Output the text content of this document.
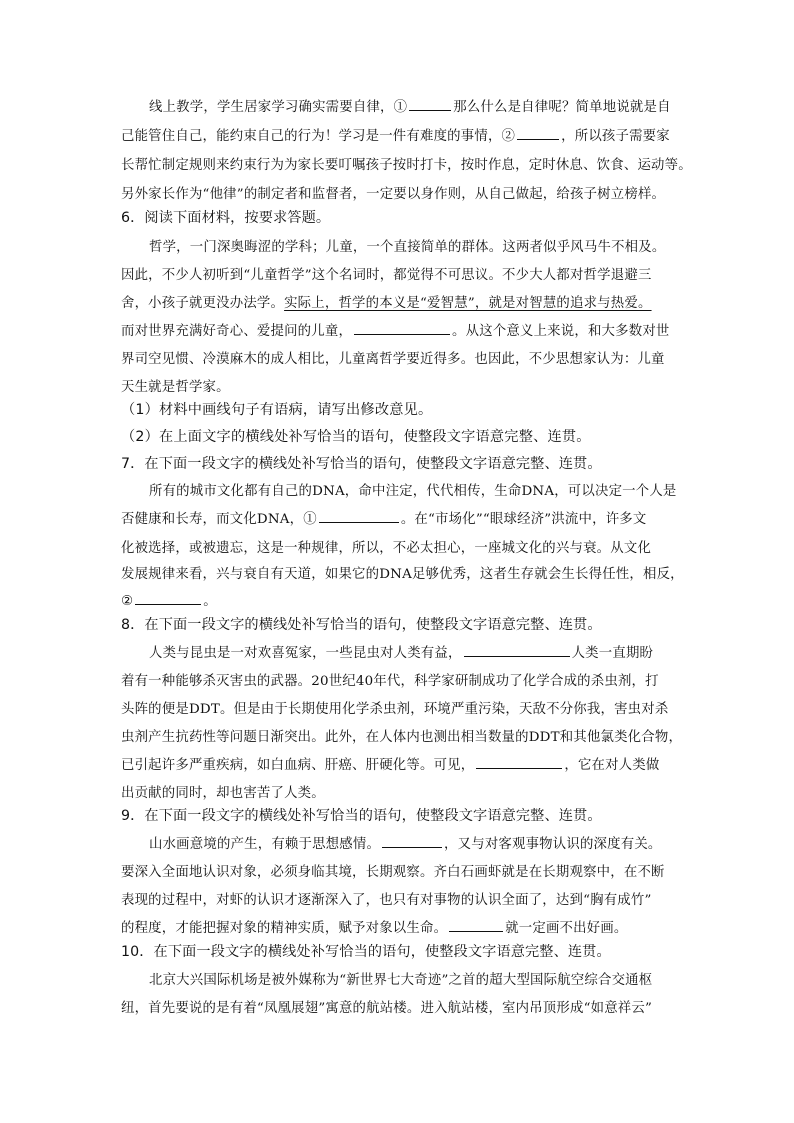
线上教学，学生居家学习确实需要自律，①	那么什么是自律呢？简单地说就是自
己能管住自己，能约束自己的行为！学习是一件有难度的事情，②	，所以孩子需要家
长帮忙制定规则来约束行为为家长要叮嘱孩子按时打卡，按时作息，定时休息、饮食、运动等。
另外家长作为“他律”的制定者和监督者，一定要以身作则，从自己做起，给孩子树立榜样。
6．阅读下面材料，按要求答题。
哲学，一门深奥晦涩的学科；儿童，一个直接简单的群体。这两者似乎风马牛不相及。
因此，不少人初听到“儿童哲学”这个名词时，都觉得不可思议。不少大人都对哲学退避三
舍，小孩子就更没办法学。实际上，哲学的本义是“爱智慧”，就是对智慧的追求与热爱。
而对世界充满好奇心、爱提问的儿童，	。从这个意义上来说，和大多数对世
界司空见惯、冷漠麻木的成人相比，儿童离哲学要近得多。也因此，不少思想家认为：儿童
天生就是哲学家。
（1）材料中画线句子有语病，请写出修改意见。
（2）在上面文字的横线处补写恰当的语句，使整段文字语意完整、连贯。
7．在下面一段文字的横线处补写恰当的语句，使整段文字语意完整、连贯。
所有的城市文化都有自己的DNA，命中注定，代代相传，生命DNA，可以决定一个人是
否健康和长寿，而文化DNA，①	。在“市场化”“眼球经济”洪流中，许多文
化被选择，或被遗忘，这是一种规律，所以，不必太担心，一座城文化的兴与衰。从文化
发展规律来看，兴与衰自有天道，如果它的DNA足够优秀，这者生存就会生长得任性，相反，
②	。
8．在下面一段文字的横线处补写恰当的语句，使整段文字语意完整、连贯。
人类与昆虫是一对欢喜冤家，一些昆虫对人类有益，	人类一直期盼
着有一种能够杀灭害虫的武器。20世纪40年代，科学家研制成功了化学合成的杀虫剂，打
头阵的便是DDT。但是由于长期使用化学杀虫剂，环境严重污染，天敌不分你我，害虫对杀
虫剂产生抗药性等问题日渐突出。此外，在人体内也测出相当数量的DDT和其他氯类化合物，
已引起许多严重疾病，如白血病、肝癌、肝硬化等。可见，	，它在对人类做
出贡献的同时，却也害苦了人类。
9．在下面一段文字的横线处补写恰当的语句，使整段文字语意完整、连贯。
山水画意境的产生，有赖于思想感情。	，又与对客观事物认识的深度有关。
要深入全面地认识对象，必须身临其境，长期观察。齐白石画虾就是在长期观察中，在不断
表现的过程中，对虾的认识才逐渐深入了，也只有对事物的认识全面了，达到“胸有成竹”
的程度，才能把握对象的精神实质，赋予对象以生命。	就一定画不出好画。
10．在下面一段文字的横线处补写恰当的语句，使整段文字语意完整、连贯。
北京大兴国际机场是被外媒称为“新世界七大奇迹”之首的超大型国际航空综合交通枢
纽，首先要说的是有着“凤凰展翅”寓意的航站楼。进入航站楼，室内吊顶形成“如意祥云”
